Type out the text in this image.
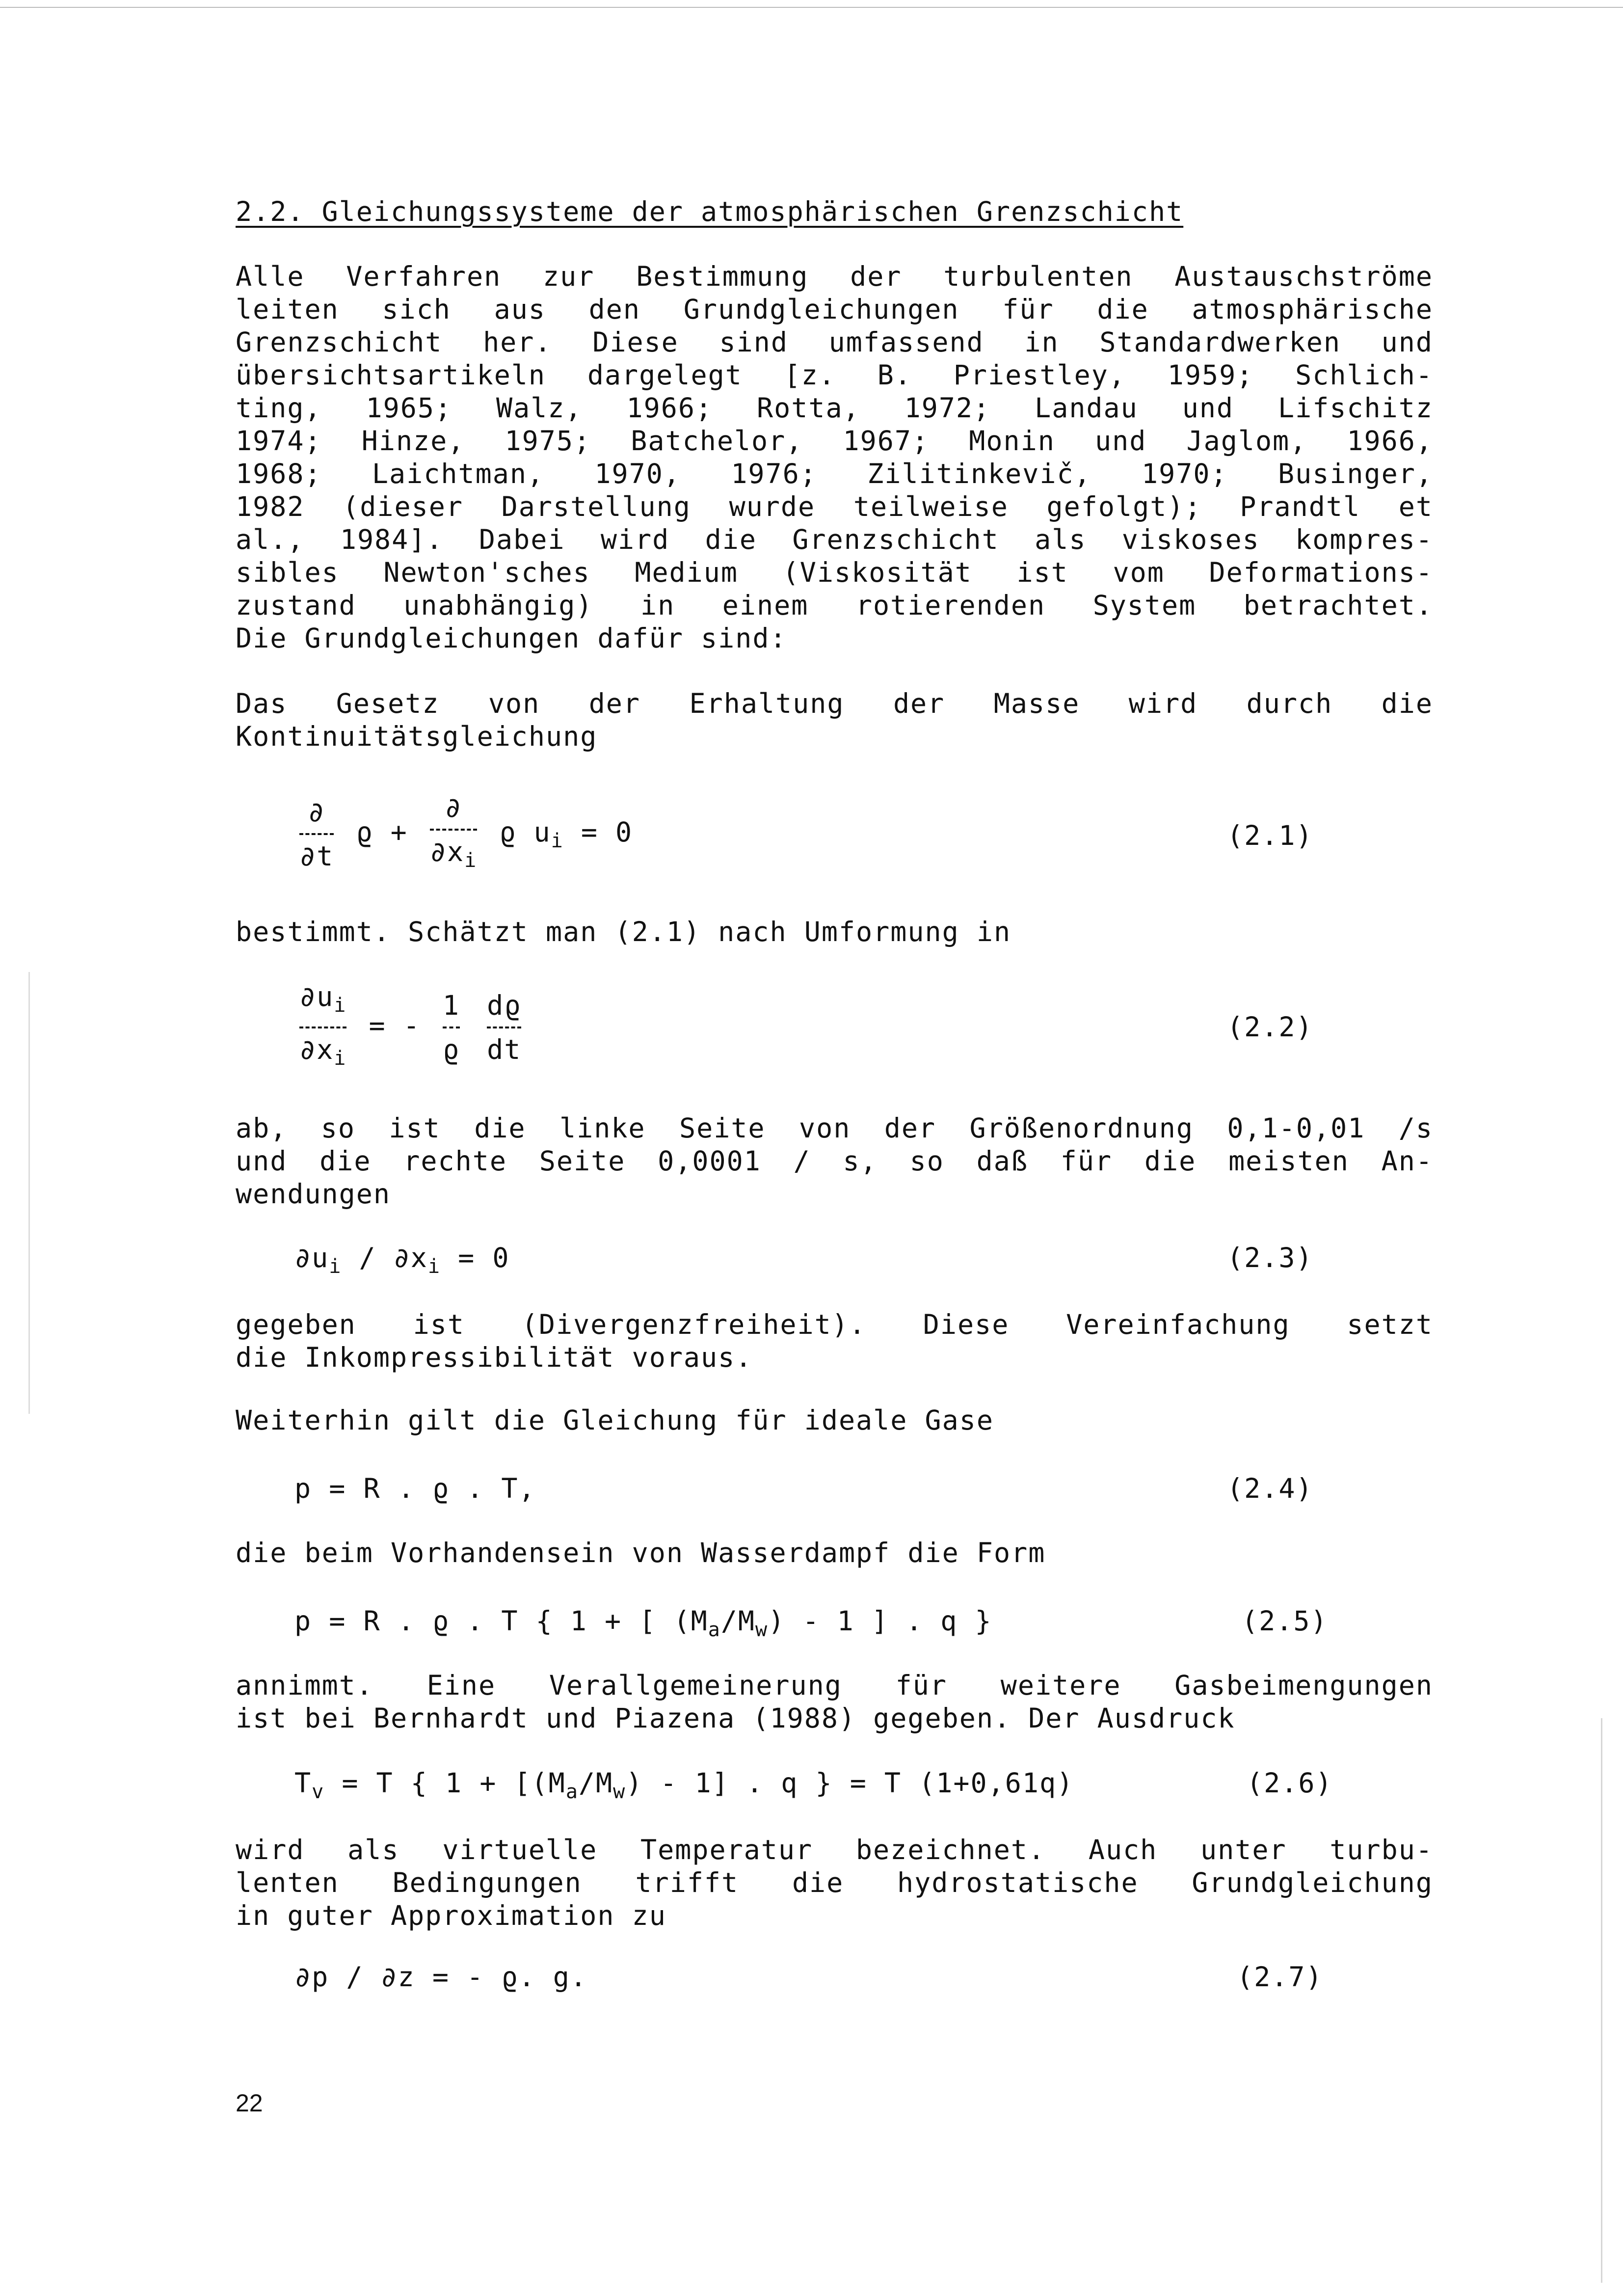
2.2. Gleichungssysteme der atmosphärischen Grenzschicht
Alle Verfahren zur Bestimmung der turbulenten Austauschströme
leiten sich aus den Grundgleichungen für die atmosphärische
Grenzschicht her. Diese sind umfassend in Standardwerken und
übersichtsartikeln dargelegt [z. B. Priestley, 1959; Schlich-
ting, 1965; Walz, 1966; Rotta, 1972; Landau und Lifschitz
1974; Hinze, 1975; Batchelor, 1967; Monin und Jaglom, 1966,
1968; Laichtman, 1970, 1976; Zilitinkevič, 1970; Businger,
1982 (dieser Darstellung wurde teilweise gefolgt); Prandtl et
al., 1984]. Dabei wird die Grenzschicht als viskoses kompres-
sibles Newton'sches Medium (Viskosität ist vom Deformations-
zustand unabhängig) in einem rotierenden System betrachtet.
Die Grundgleichungen dafür sind:
Das Gesetz von der Erhaltung der Masse wird durch die
Kontinuitätsgleichung
$\frac{\partial}{\partial t}$ $ϱ + \frac{\partial}{\partial x_i}$ ϱ $u_i = 0$	(2.1)
bestimmt. Schätzt man (2.1) nach Umformung in
$\frac{\partial u_i}{\partial x_i}$ = - $\frac{1}{ϱ}$
$\frac{dϱ}{dt}$	(2.2)
ab, so ist die linke Seite von der Größenordnung 0,1-0,01 /s
und die rechte Seite 0,0001 / s, so daß für die meisten An-
wendungen
$\partial u_i / \partial x_i = 0$	(2.3)
gegeben ist (Divergenzfreiheit). Diese Vereinfachung setzt
die Inkompressibilität voraus.
Weiterhin gilt die Gleichung für ideale Gase
p = R . ϱ . T,	(2.4)
die beim Vorhandensein von Wasserdampf die Form
p = R . ϱ . T { 1 + [ $(M_a/M_w) - 1$ ] . q }	(2.5)
annimmt. Eine Verallgemeinerung für weitere Gasbeimengungen
ist bei Bernhardt und Piazena (1988) gegeben. Der Ausdruck
$T_v = T$ { $1 + [(M_a/M_w) - 1]$ . q } = T (1+0,61q)	(2.6)
wird als virtuelle Temperatur bezeichnet. Auch unter turbu-
lenten Bedingungen trifft die hydrostatische Grundgleichung
in guter Approximation zu
∂p / ∂z = - ϱ. g.	(2.7)
22
